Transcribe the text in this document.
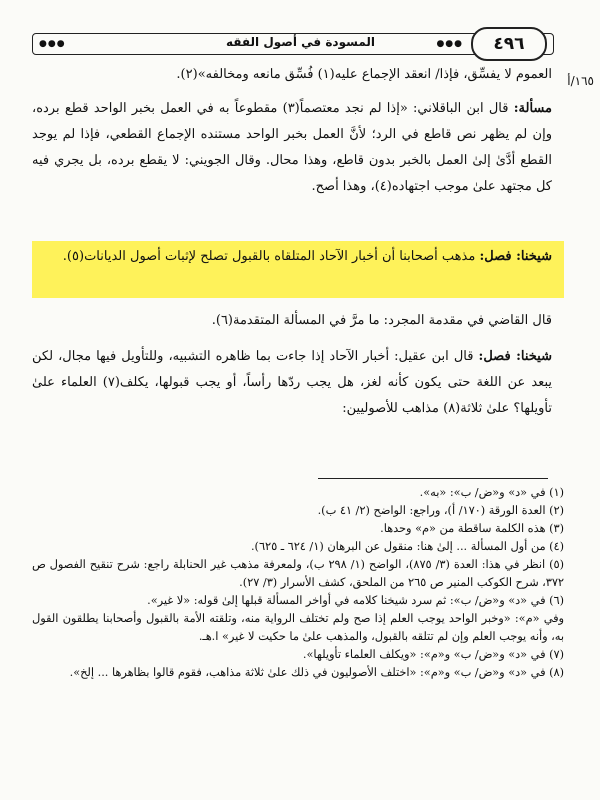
٤٩٦
●●●
المسودة في أصول الفقه
●●●
١٦٥/أ
العموم لا يفسِّق، فإذا/ انعقد الإجماع عليه(١) فُسِّق مانعه ومخالفه»(٢).
مسألة: قال ابن الباقلاني: «إذا لم نجد معتصماً(٣) مقطوعاً به في العمل بخبر الواحد قطع برده، وإن لم يظهر نص قاطع في الرد؛ لأنَّ العمل بخبر الواحد مستنده الإجماع القطعي، فإذا لم يوجد القطع أدَّىٰ إلىٰ العمل بالخبر بدون قاطع، وهذا محال. وقال الجويني: لا يقطع برده، بل يجري فيه كل مجتهد علىٰ موجب اجتهاده(٤)، وهذا أصح.
شيخنا: فصل: مذهب أصحابنا أن أخبار الآحاد المتلقاه بالقبول تصلح لإثبات أصول الديانات(٥).
قال القاضي في مقدمة المجرد: ما مرَّ في المسألة المتقدمة(٦).
شيخنا: فصل: قال ابن عقيل: أخبار الآحاد إذا جاءت بما ظاهره التشبيه، وللتأويل فيها مجال، لكن يبعد عن اللغة حتى يكون كأنه لغز، هل يجب ردّها رأساً، أو يجب قبولها، يكلف(٧) العلماء علىٰ تأويلها؟ علىٰ ثلاثة(٨) مذاهب للأصوليين:
(١) في «د» و«ض/ ب»: «به».
(٢) العدة الورقة (١٧٠/ أ)، وراجع: الواضح (٢/ ٤١ ب).
(٣) هذه الكلمة ساقطة من «م» وحدها.
(٤) من أول المسألة ... إلىٰ هنا: منقول عن البرهان (١/ ٦٢٤ ـ ٦٢٥).
(٥) انظر في هذا: العدة (٣/ ٨٧٥)، الواضح (١/ ٢٩٨ ب)، ولمعرفة مذهب غير الحنابلة راجع: شرح تنقيح الفصول ص ٣٧٢، شرح الكوكب المنير ص ٢٦٥ من الملحق، كشف الأسرار (٣/ ٢٧).
(٦) في «د» و«ض/ ب»: ثم سرد شيخنا كلامه في أواخر المسألة قبلها إلىٰ قوله: «لا غير».
وفي «م»: «وخبر الواحد يوجب العلم إذا صح ولم تختلف الرواية منه، وتلقته الأمة بالقبول وأصحابنا يطلقون القول به، وأنه يوجب العلم وإن لم تتلقه بالقبول، والمذهب علىٰ ما حكيت لا غير» ا.هـ.
(٧) في «د» و«ض/ ب» و«م»: «ويكلف العلماء تأويلها».
(٨) في «د» و«ض/ ب» و«م»: «اختلف الأصوليون في ذلك علىٰ ثلاثة مذاهب، فقوم قالوا بظاهرها ... إلخ».
